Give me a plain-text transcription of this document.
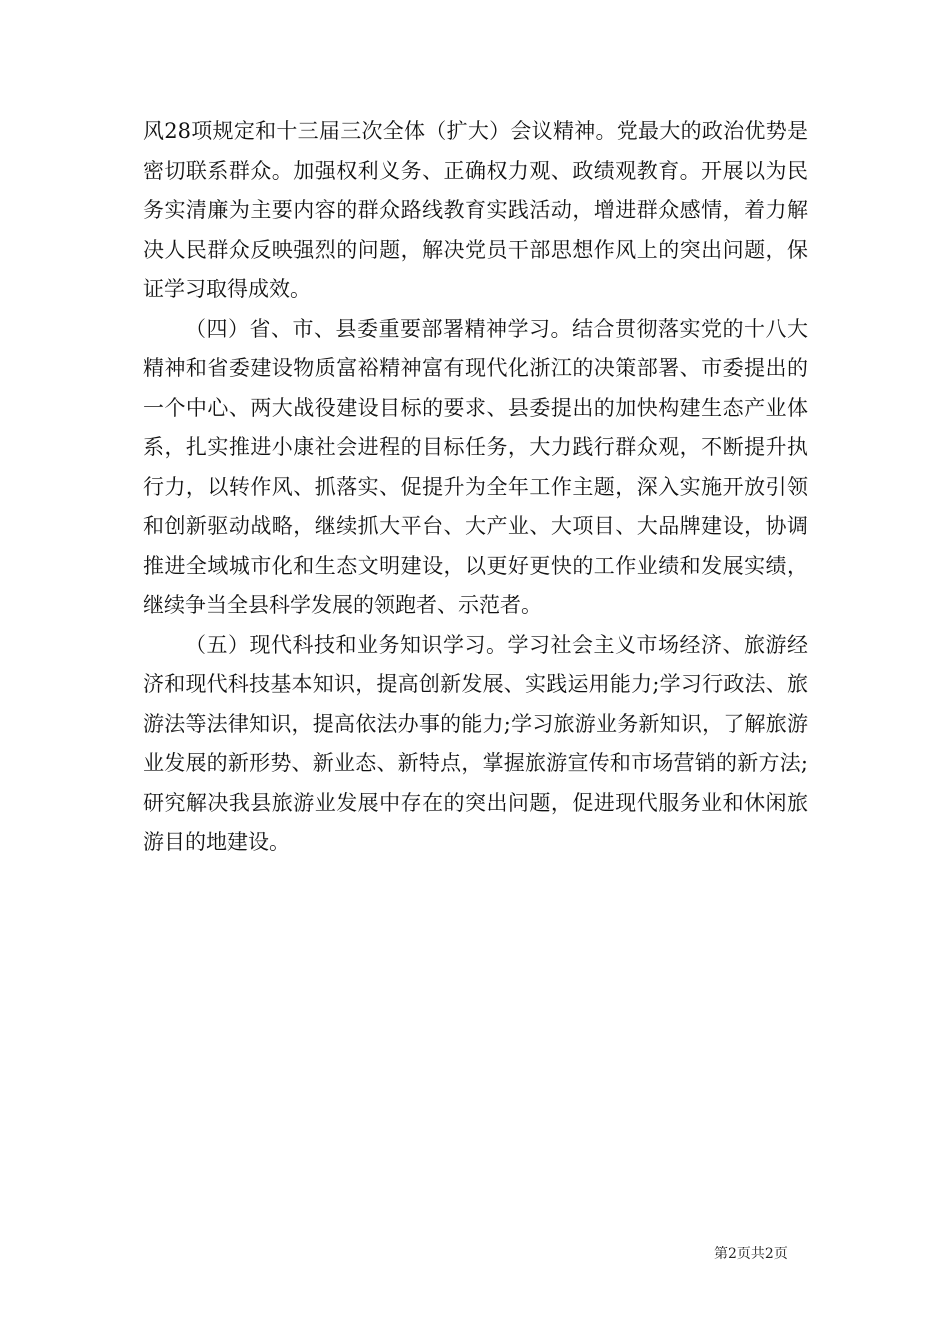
风28项规定和十三届三次全体（扩大）会议精神。党最大的政治优势是密切联系群众。加强权利义务、正确权力观、政绩观教育。开展以为民务实清廉为主要内容的群众路线教育实践活动，增进群众感情，着力解决人民群众反映强烈的问题，解决党员干部思想作风上的突出问题，保证学习取得成效。

（四）省、市、县委重要部署精神学习。结合贯彻落实党的十八大精神和省委建设物质富裕精神富有现代化浙江的决策部署、市委提出的一个中心、两大战役建设目标的要求、县委提出的加快构建生态产业体系，扎实推进小康社会进程的目标任务，大力践行群众观，不断提升执行力，以转作风、抓落实、促提升为全年工作主题，深入实施开放引领和创新驱动战略，继续抓大平台、大产业、大项目、大品牌建设，协调推进全域城市化和生态文明建设，以更好更快的工作业绩和发展实绩，继续争当全县科学发展的领跑者、示范者。

（五）现代科技和业务知识学习。学习社会主义市场经济、旅游经济和现代科技基本知识，提高创新发展、实践运用能力;学习行政法、旅游法等法律知识，提高依法办事的能力;学习旅游业务新知识，了解旅游业发展的新形势、新业态、新特点，掌握旅游宣传和市场营销的新方法;研究解决我县旅游业发展中存在的突出问题，促进现代服务业和休闲旅游目的地建设。

第2页共2页
